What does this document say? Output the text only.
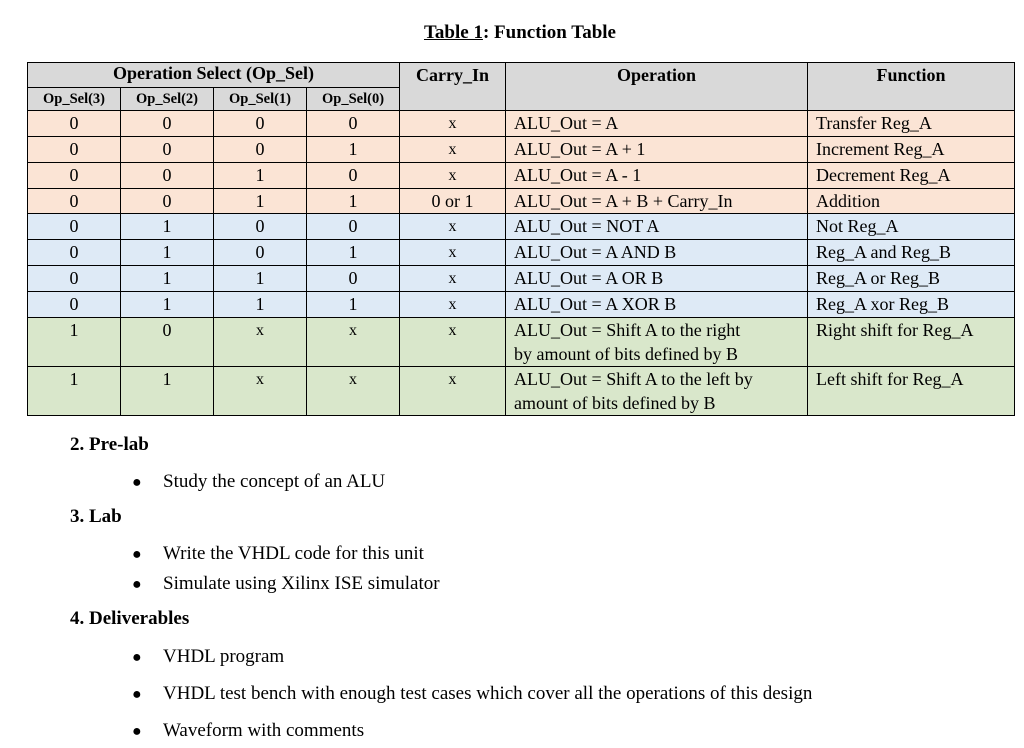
Table 1: Function Table
Operation Select (Op_Sel)				Carry_In	Operation	Function
Op_Sel(3)	Op_Sel(2)	Op_Sel(1)	Op_Sel(0)			
0	0	0	0	x	ALU_Out = A	Transfer Reg_A

0	0	0	1	x	ALU_Out = A + 1	Increment Reg_A

0	0	1	0	x	ALU_Out = A - 1	Decrement Reg_A

0	0	1	1	0 or 1	ALU_Out = A + B + Carry_In	Addition

0	1	0	0	x	ALU_Out = NOT A	Not Reg_A

0	1	0	1	x	ALU_Out = A AND B	Reg_A and Reg_B

0	1	1	0	x	ALU_Out = A OR B	Reg_A or Reg_B

0	1	1	1	x	ALU_Out = A XOR B	Reg_A xor Reg_B

1	0	x	x	x	ALU_Out = Shift A to the right
by amount of bits defined by B	Right shift for Reg_A

1	1	x	x	x	ALU_Out = Shift A to the left by
amount of bits defined by B	Left shift for Reg_A
2. Pre-lab
● Study the concept of an ALU
3. Lab
● Write the VHDL code for this unit
● Simulate using Xilinx ISE simulator
4. Deliverables
● VHDL program
● VHDL test bench with enough test cases which cover all the operations of this design
● Waveform with comments
